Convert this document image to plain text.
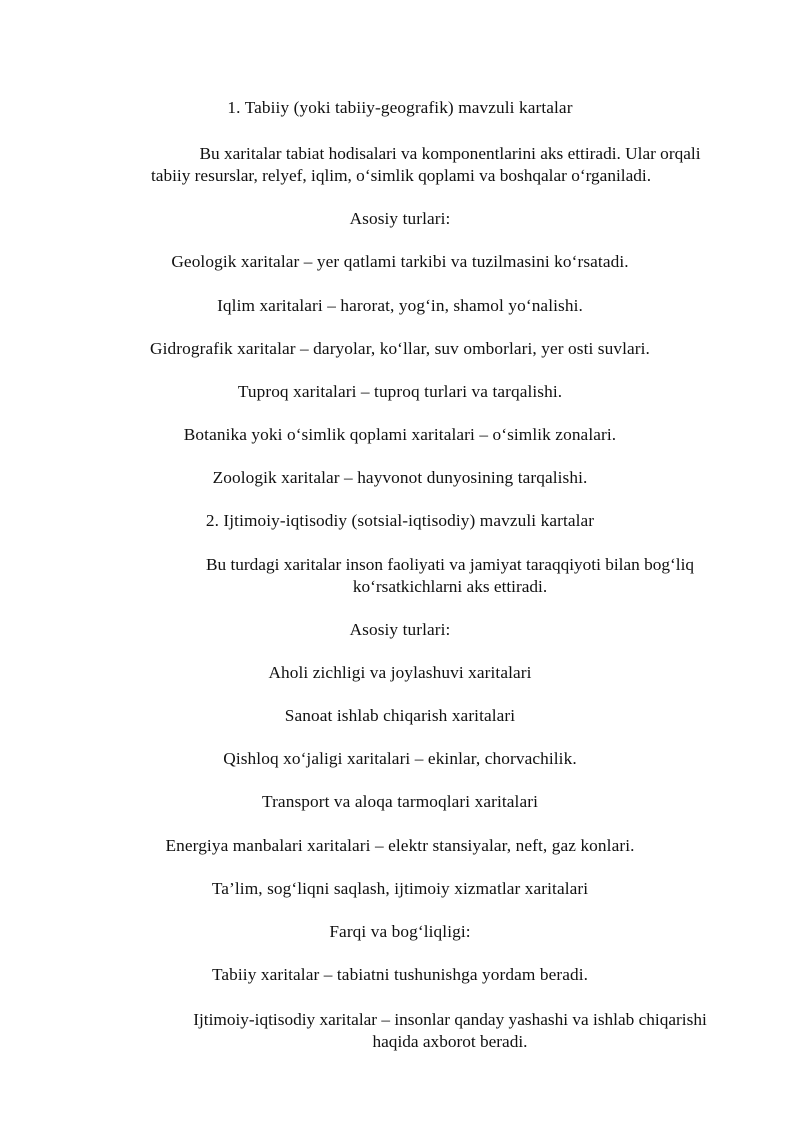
1. Tabiiy (yoki tabiiy-geografik) mavzuli kartalar
Bu xaritalar tabiat hodisalari va komponentlarini aks ettiradi. Ular orqali
tabiiy resurslar, relyef, iqlim, o‘simlik qoplami va boshqalar o‘rganiladi.
Asosiy turlari:
Geologik xaritalar – yer qatlami tarkibi va tuzilmasini ko‘rsatadi.
Iqlim xaritalari – harorat, yog‘in, shamol yo‘nalishi.
Gidrografik xaritalar – daryolar, ko‘llar, suv omborlari, yer osti suvlari.
Tuproq xaritalari – tuproq turlari va tarqalishi.
Botanika yoki o‘simlik qoplami xaritalari – o‘simlik zonalari.
Zoologik xaritalar – hayvonot dunyosining tarqalishi.
2. Ijtimoiy-iqtisodiy (sotsial-iqtisodiy) mavzuli kartalar
Bu turdagi xaritalar inson faoliyati va jamiyat taraqqiyoti bilan bog‘liq
ko‘rsatkichlarni aks ettiradi.
Asosiy turlari:
Aholi zichligi va joylashuvi xaritalari
Sanoat ishlab chiqarish xaritalari
Qishloq xo‘jaligi xaritalari – ekinlar, chorvachilik.
Transport va aloqa tarmoqlari xaritalari
Energiya manbalari xaritalari – elektr stansiyalar, neft, gaz konlari.
Ta’lim, sog‘liqni saqlash, ijtimoiy xizmatlar xaritalari
Farqi va bog‘liqligi:
Tabiiy xaritalar – tabiatni tushunishga yordam beradi.
Ijtimoiy-iqtisodiy xaritalar – insonlar qanday yashashi va ishlab chiqarishi
haqida axborot beradi.
